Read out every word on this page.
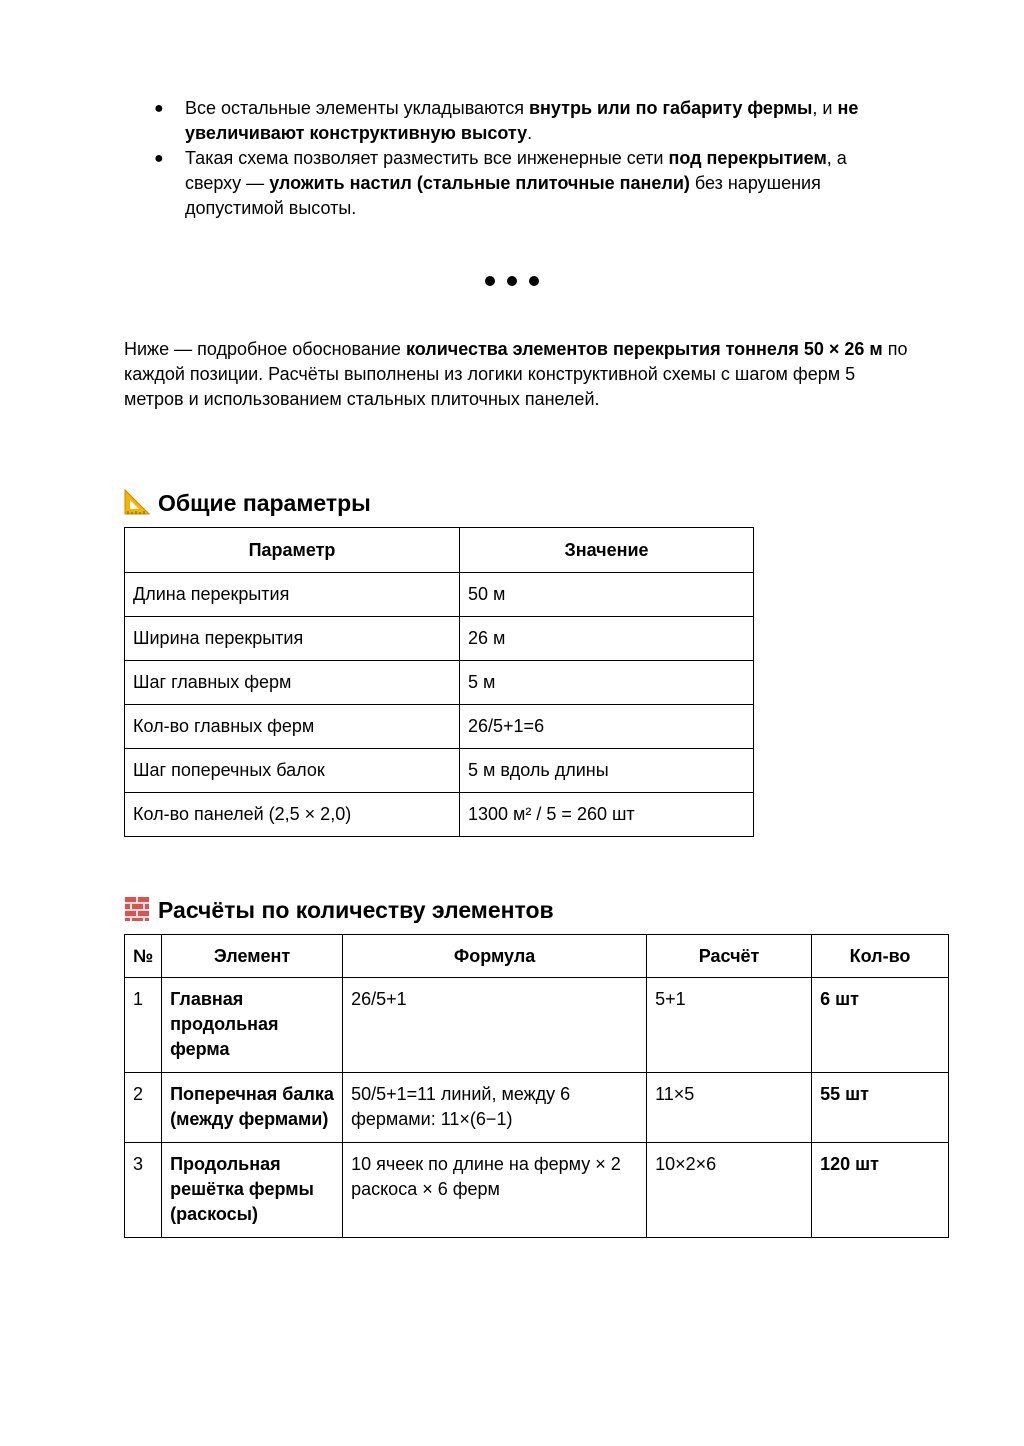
● Все остальные элементы укладываются внутрь или по габариту фермы, и не увеличивают конструктивную высоту.
● Такая схема позволяет разместить все инженерные сети под перекрытием, а сверху — уложить настил (стальные плиточные панели) без нарушения допустимой высоты.

Ниже — подробное обоснование количества элементов перекрытия тоннеля 50 × 26 м по каждой позиции. Расчёты выполнены из логики конструктивной схемы с шагом ферм 5 метров и использованием стальных плиточных панелей.

Общие параметры
Параметр	Значение
Длина перекрытия	50 м
Ширина перекрытия	26 м
Шаг главных ферм	5 м
Кол-во главных ферм	26/5+1=6
Шаг поперечных балок	5 м вдоль длины
Кол-во панелей (2,5 × 2,0)	1300 м² / 5 = 260 шт
Расчёты по количеству элементов
№	Элемент	Формула	Расчёт	Кол-во
1	Главная продольная ферма	26/5+1	5+1	6 шт
2	Поперечная балка (между фермами)	50/5+1=11 линий, между 6 фермами: 11×(6−1)	11×5	55 шт
3	Продольная решётка фермы (раскосы)	10 ячеек по длине на ферму × 2 раскоса × 6 ферм	10×2×6	120 шт
